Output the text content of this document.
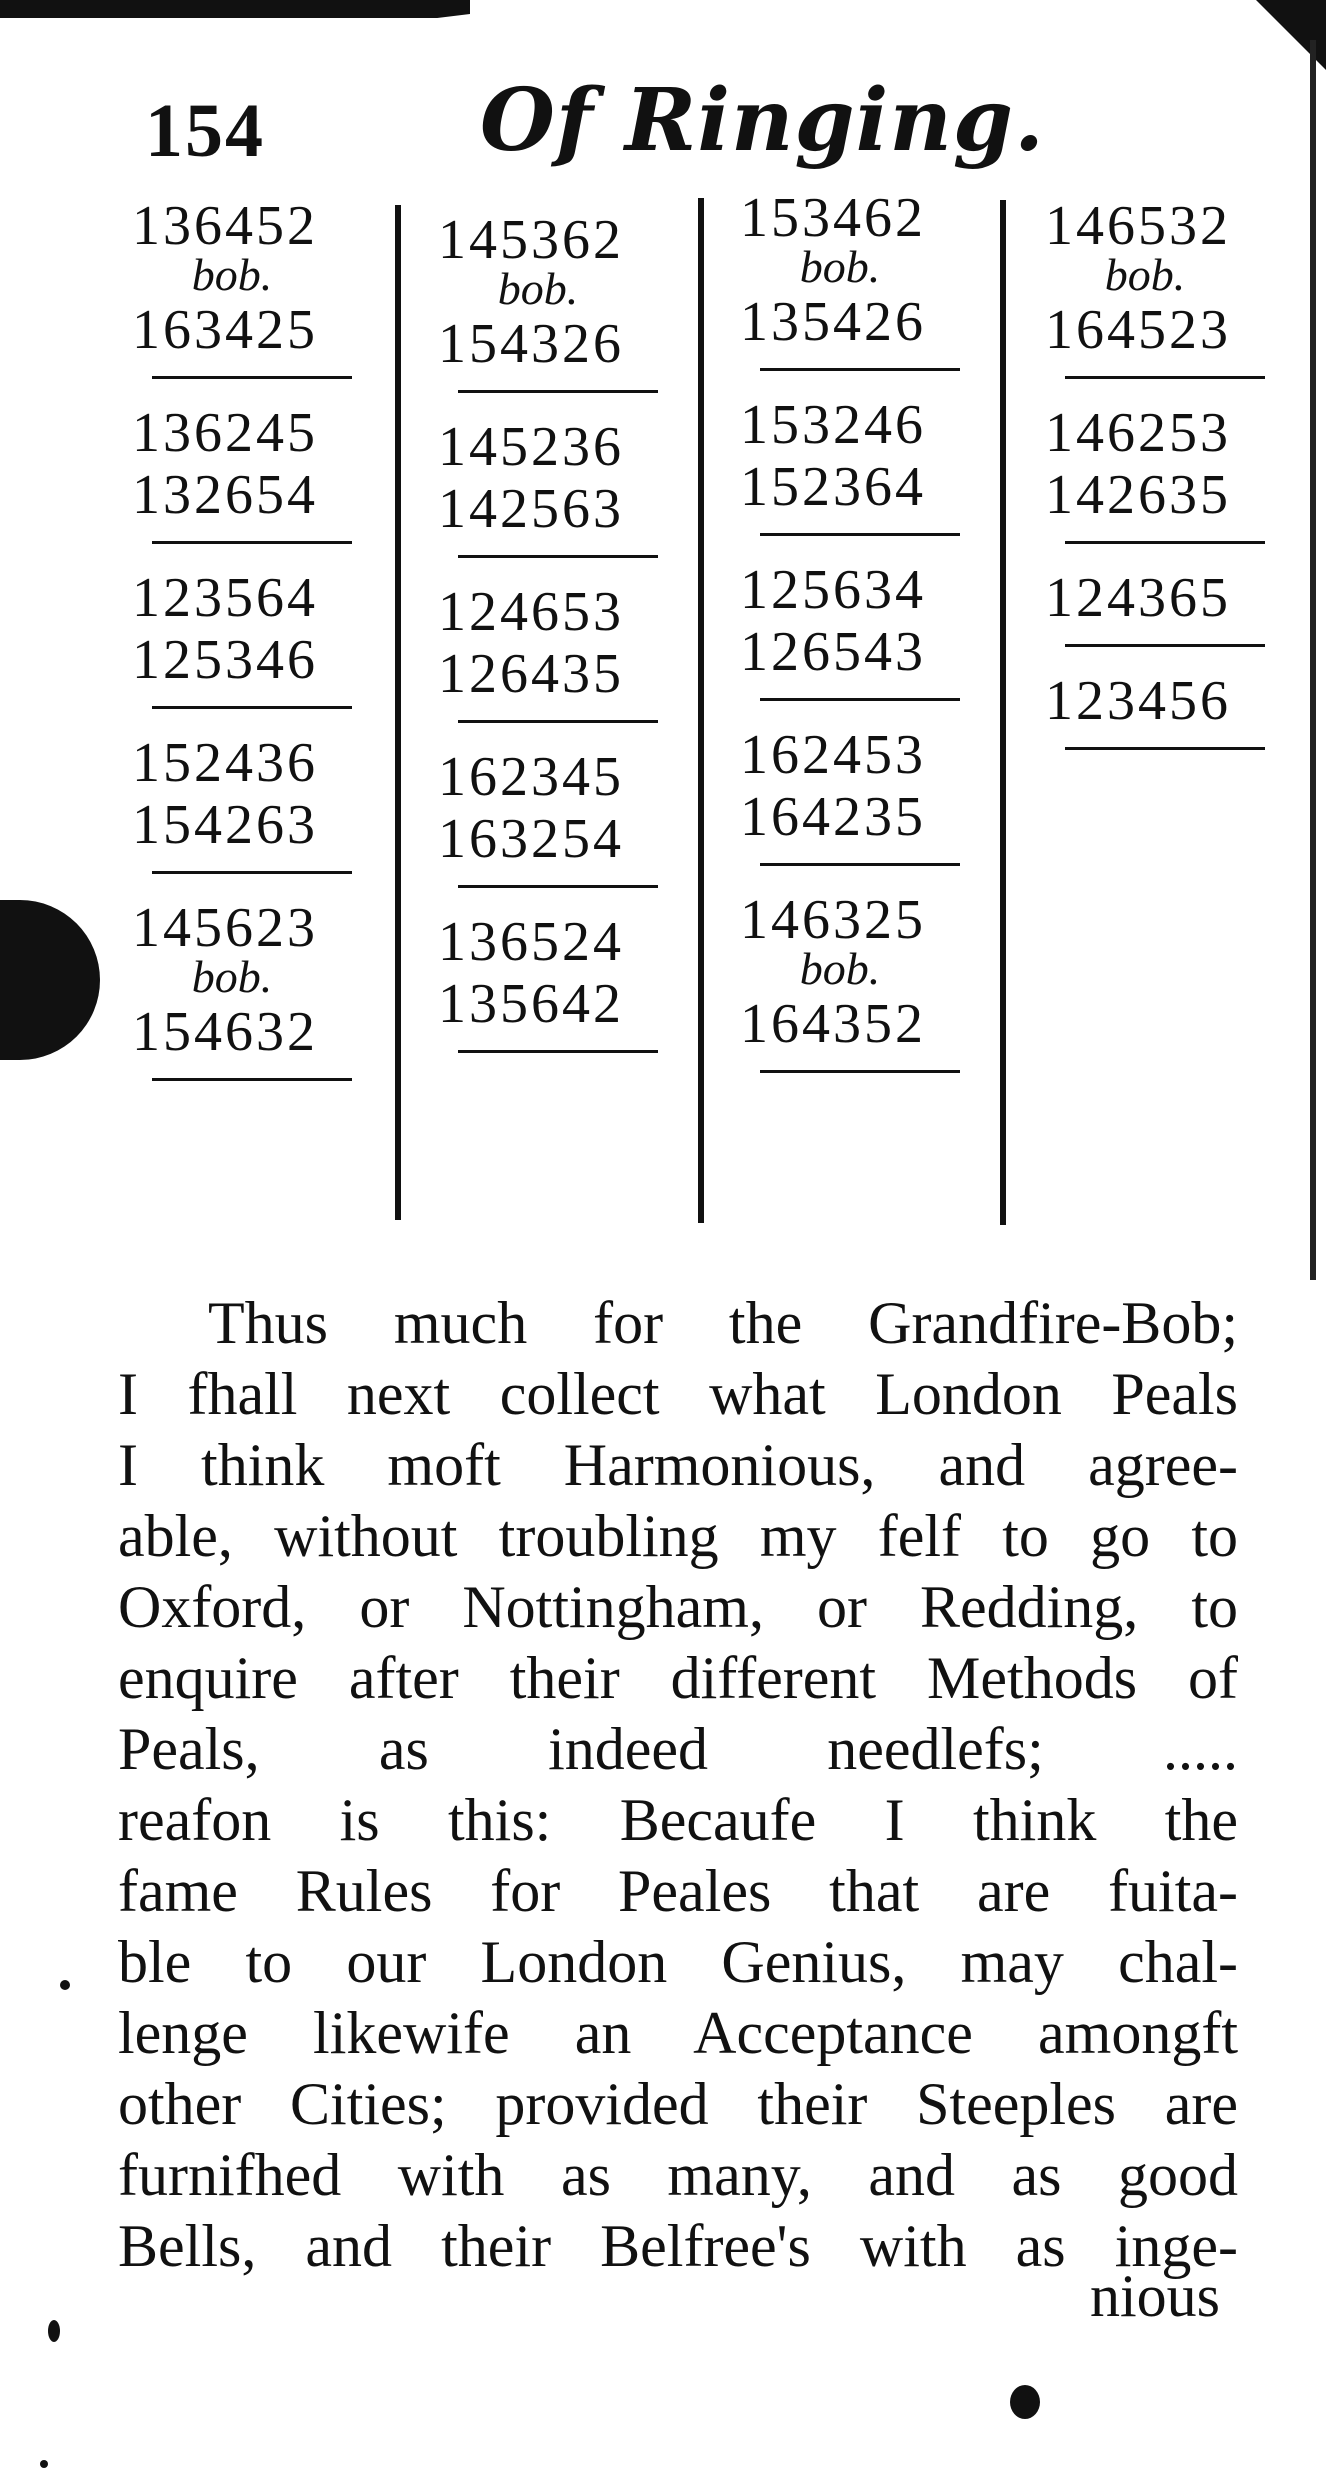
154	Of Ringing.
136452
bob.
163425
136245
132654
123564
125346
152436
154263
145623
bob.
154632
145362
bob.
154326
145236
142563
124653
126435
162345
163254
136524
135642
153462
bob.
135426
153246
152364
125634
126543
162453
164235
146325
bob.
164352
146532
bob.
164523
146253
142635
124365
123456
Thus much for the Grandfire-Bob;
I fhall next collect what London Peals
I think moft Harmonious, and agree-
able, without troubling my felf to go to
Oxford, or Nottingham, or Redding, to
enquire after their different Methods of
Peals, as indeed needlefs; .....
reafon is this: Becaufe I think the
fame Rules for Peales that are fuita-
ble to our London Genius, may chal-
lenge likewife an Acceptance amongft
other Cities; provided their Steeples are
furnifhed with as many, and as good
Bells, and their Belfree's with as inge-
nious
